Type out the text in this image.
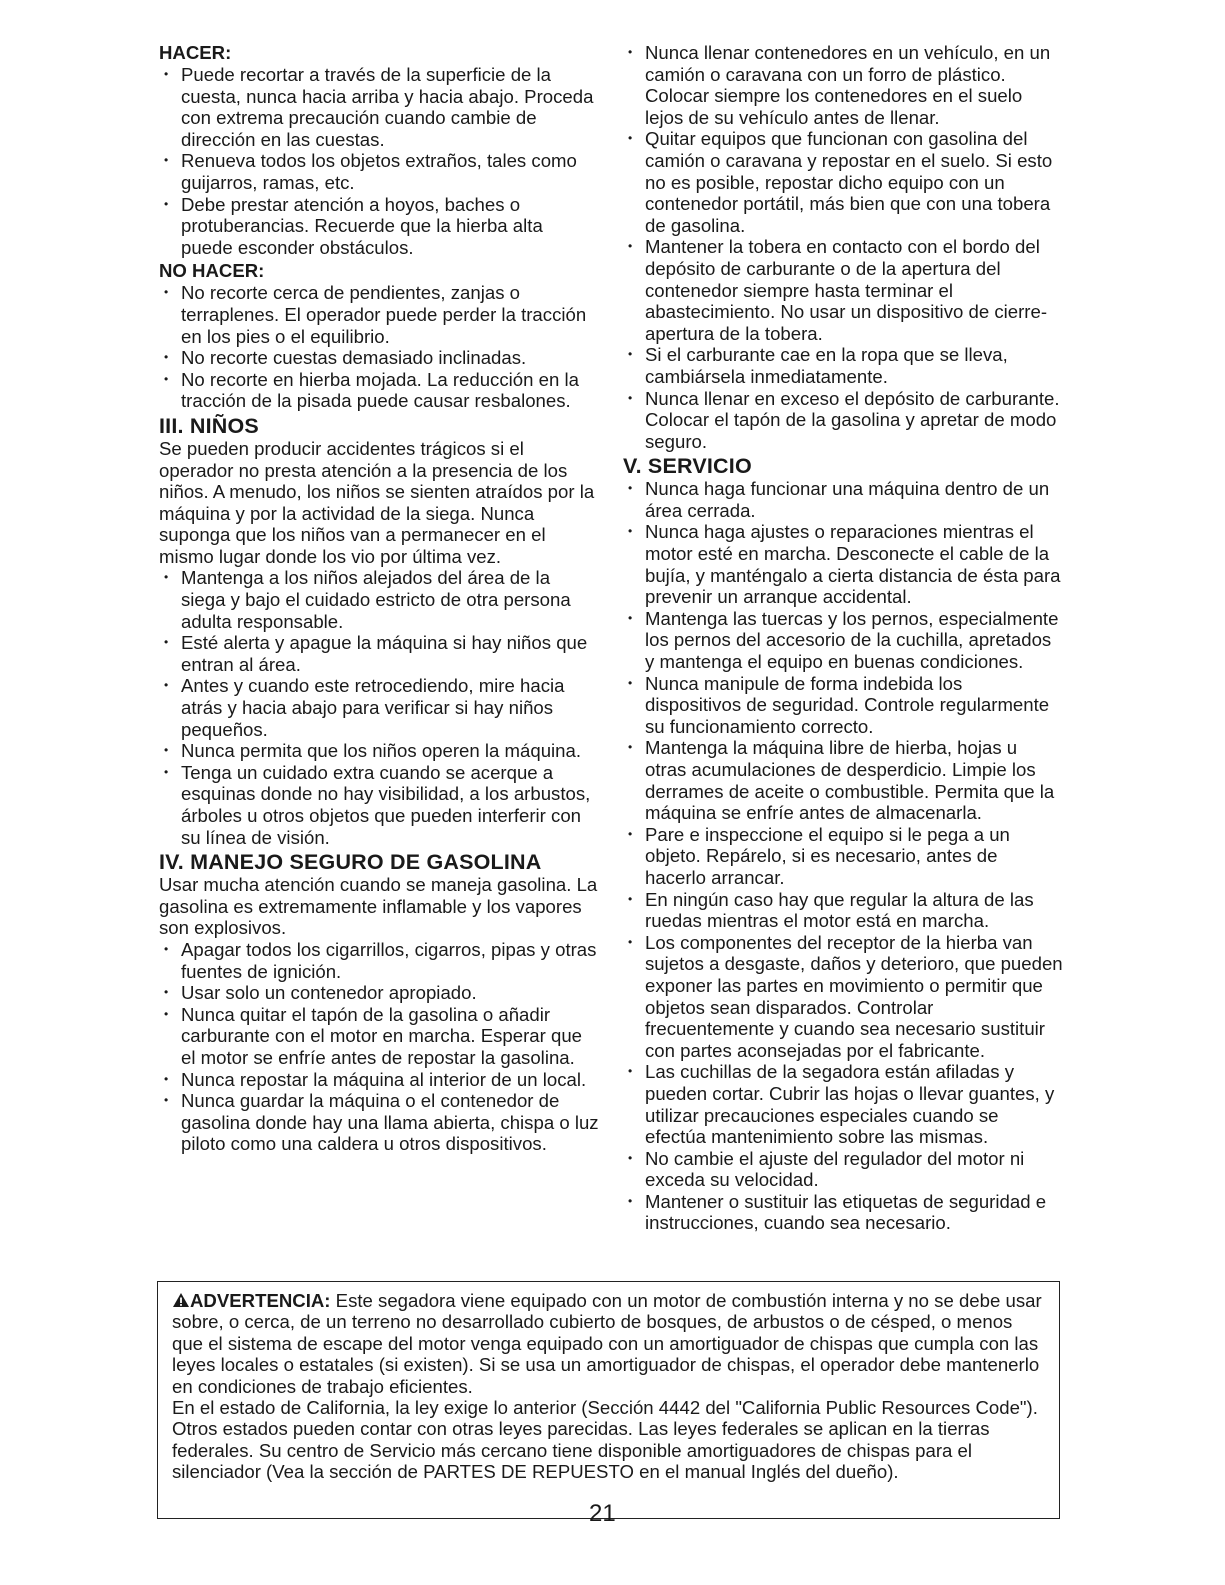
HACER:
• Puede recortar a través de la superficie de la cuesta, nunca hacia arriba y hacia abajo. Proceda con extrema precaución cuando cambie de dirección en las cuestas.
• Renueva todos los objetos extraños, tales como guijarros, ramas, etc.
• Debe prestar atención a hoyos, baches o protuberancias. Recuerde que la hierba alta puede esconder obstáculos.
NO HACER:
• No recorte cerca de pendientes, zanjas o terraplenes. El operador puede perder la tracción en los pies o el equilibrio.
• No recorte cuestas demasiado inclinadas.
• No recorte en hierba mojada. La reducción en la tracción de la pisada puede causar resbalones.
III. NIÑOS

Se pueden producir accidentes trágicos si el operador no presta atención a la presencia de los niños. A menudo, los niños se sienten atraídos por la máquina y por la actividad de la siega. Nunca suponga que los niños van a permanecer en el mismo lugar donde los vio por última vez.

• Mantenga a los niños alejados del área de la siega y bajo el cuidado estricto de otra persona adulta responsable.
• Esté alerta y apague la máquina si hay niños que entran al área.
• Antes y cuando este retrocediendo, mire hacia atrás y hacia abajo para verificar si hay niños pequeños.
• Nunca permita que los niños operen la máquina.
• Tenga un cuidado extra cuando se acerque a esquinas donde no hay visibilidad, a los arbustos, árboles u otros objetos que pueden interferir con su línea de visión.
IV. MANEJO SEGURO DE GASOLINA

Usar mucha atención cuando se maneja gasolina. La gasolina es extremamente inflamable y los vapores son explosivos.

• Apagar todos los cigarrillos, cigarros, pipas y otras fuentes de ignición.
• Usar solo un contenedor apropiado.
• Nunca quitar el tapón de la gasolina o añadir carburante con el motor en marcha. Esperar que el motor se enfríe antes de repostar la gasolina.
• Nunca repostar la máquina al interior de un local.
• Nunca guardar la máquina o el contenedor de gasolina donde hay una llama abierta, chispa o luz piloto como una caldera u otros dispositivos.
• Nunca llenar contenedores en un vehículo, en un camión o caravana con un forro de plástico. Colocar siempre los contenedores en el suelo lejos de su vehículo antes de llenar.
• Quitar equipos que funcionan con gasolina del camión o caravana y repostar en el suelo. Si esto no es posible, repostar dicho equipo con un contenedor portátil, más bien que con una tobera de gasolina.
• Mantener la tobera en contacto con el bordo del depósito de carburante o de la apertura del contenedor siempre hasta terminar el abastecimiento. No usar un dispositivo de cierre-apertura de la tobera.
• Si el carburante cae en la ropa que se lleva, cambiársela inmediatamente.
• Nunca llenar en exceso el depósito de carburante. Colocar el tapón de la gasolina y apretar de modo seguro.
V. SERVICIO
• Nunca haga funcionar una máquina dentro de un área cerrada.
• Nunca haga ajustes o reparaciones mientras el motor esté en marcha. Desconecte el cable de la bujía, y manténgalo a cierta distancia de ésta para prevenir un arranque accidental.
• Mantenga las tuercas y los pernos, especialmente los pernos del accesorio de la cuchilla, apretados y mantenga el equipo en buenas condiciones.
• Nunca manipule de forma indebida los dispositivos de seguridad. Controle regularmente su funcionamiento correcto.
• Mantenga la máquina libre de hierba, hojas u otras acumulaciones de desperdicio. Limpie los derrames de aceite o combustible. Permita que la máquina se enfríe antes de almacenarla.
• Pare e inspeccione el equipo si le pega a un objeto. Repárelo, si es necesario, antes de hacerlo arrancar.
• En ningún caso hay que regular la altura de las ruedas mientras el motor está en marcha.
• Los componentes del receptor de la hierba van sujetos a desgaste, daños y deterioro, que pueden exponer las partes en movimiento o permitir que objetos sean disparados. Controlar frecuentemente y cuando sea necesario sustituir con partes aconsejadas por el fabricante.
• Las cuchillas de la segadora están afiladas y pueden cortar. Cubrir las hojas o llevar guantes, y utilizar precauciones especiales cuando se efectúa mantenimiento sobre las mismas.
• No cambie el ajuste del regulador del motor ni exceda su velocidad.
• Mantener o sustituir las etiquetas de seguridad e instrucciones, cuando sea necesario.

ADVERTENCIA: Este segadora viene equipado con un motor de combustión interna y no se debe usar sobre, o cerca, de un terreno no desarrollado cubierto de bosques, de arbustos o de césped, o menos que el sistema de escape del motor venga equipado con un amortiguador de chispas que cumpla con las leyes locales o estatales (si existen). Si se usa un amortiguador de chispas, el operador debe mantenerlo en condiciones de trabajo eficientes.

En el estado de California, la ley exige lo anterior (Sección 4442 del "California Public Resources Code"). Otros estados pueden contar con otras leyes parecidas. Las leyes federales se aplican en la tierras federales. Su centro de Servicio más cercano tiene disponible amortiguadores de chispas para el silenciador (Vea la sección de PARTES DE REPUESTO en el manual Inglés del dueño).

21
